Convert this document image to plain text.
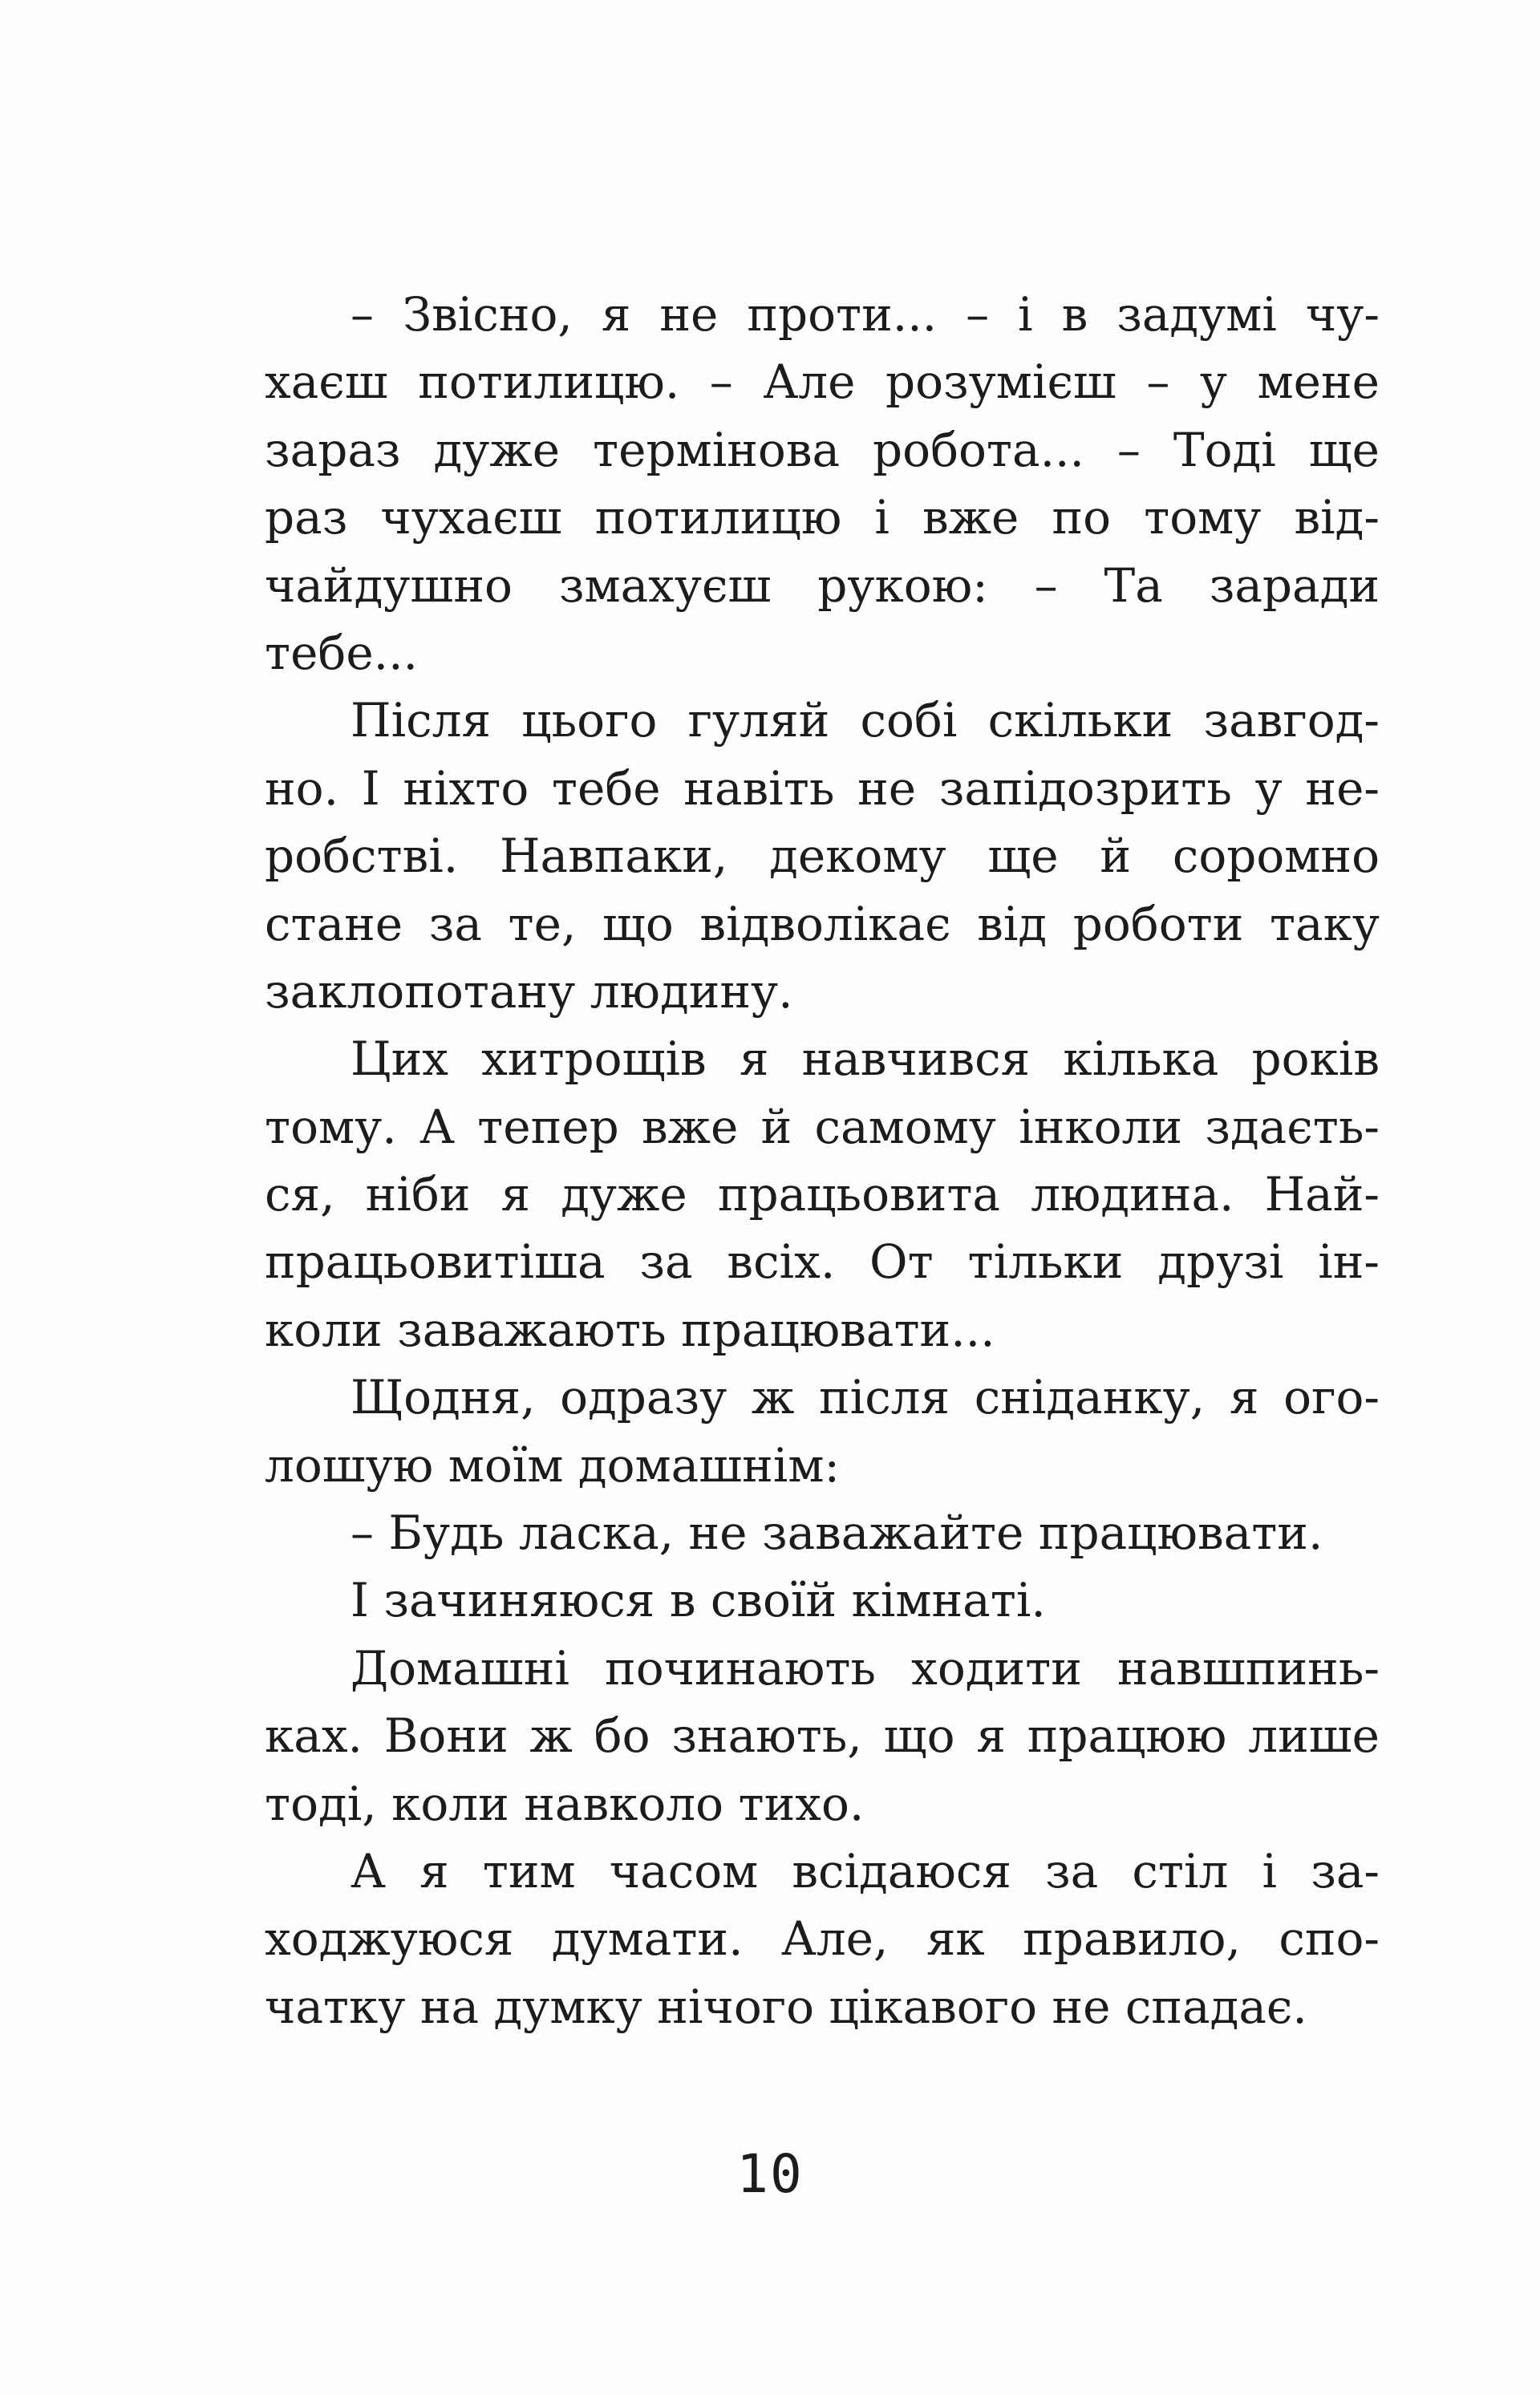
– Звісно, я не проти... – і в задумі чу-
хаєш потилицю. – Але розумієш – у мене
зараз дуже термінова робота... – Тоді ще
раз чухаєш потилицю і вже по тому від-
чайдушно змахуєш рукою: – Та заради
тебе...
Після цього гуляй собі скільки завгод-
но. І ніхто тебе навіть не запідозрить у не-
робстві. Навпаки, декому ще й соромно
стане за те, що відволікає від роботи таку
заклопотану людину.
Цих хитрощів я навчився кілька років
тому. А тепер вже й самому інколи здаєть-
ся, ніби я дуже працьовита людина. Най-
працьовитіша за всіх. От тільки друзі ін-
коли заважають працювати...
Щодня, одразу ж після сніданку, я ого-
лошую моїм домашнім:
– Будь ласка, не заважайте працювати.
І зачиняюся в своїй кімнаті.
Домашні починають ходити навшпинь-
ках. Вони ж бо знають, що я працюю лише
тоді, коли навколо тихо.
А я тим часом всідаюся за стіл і за-
ходжуюся думати. Але, як правило, спо-
чатку на думку нічого цікавого не спадає.
10
